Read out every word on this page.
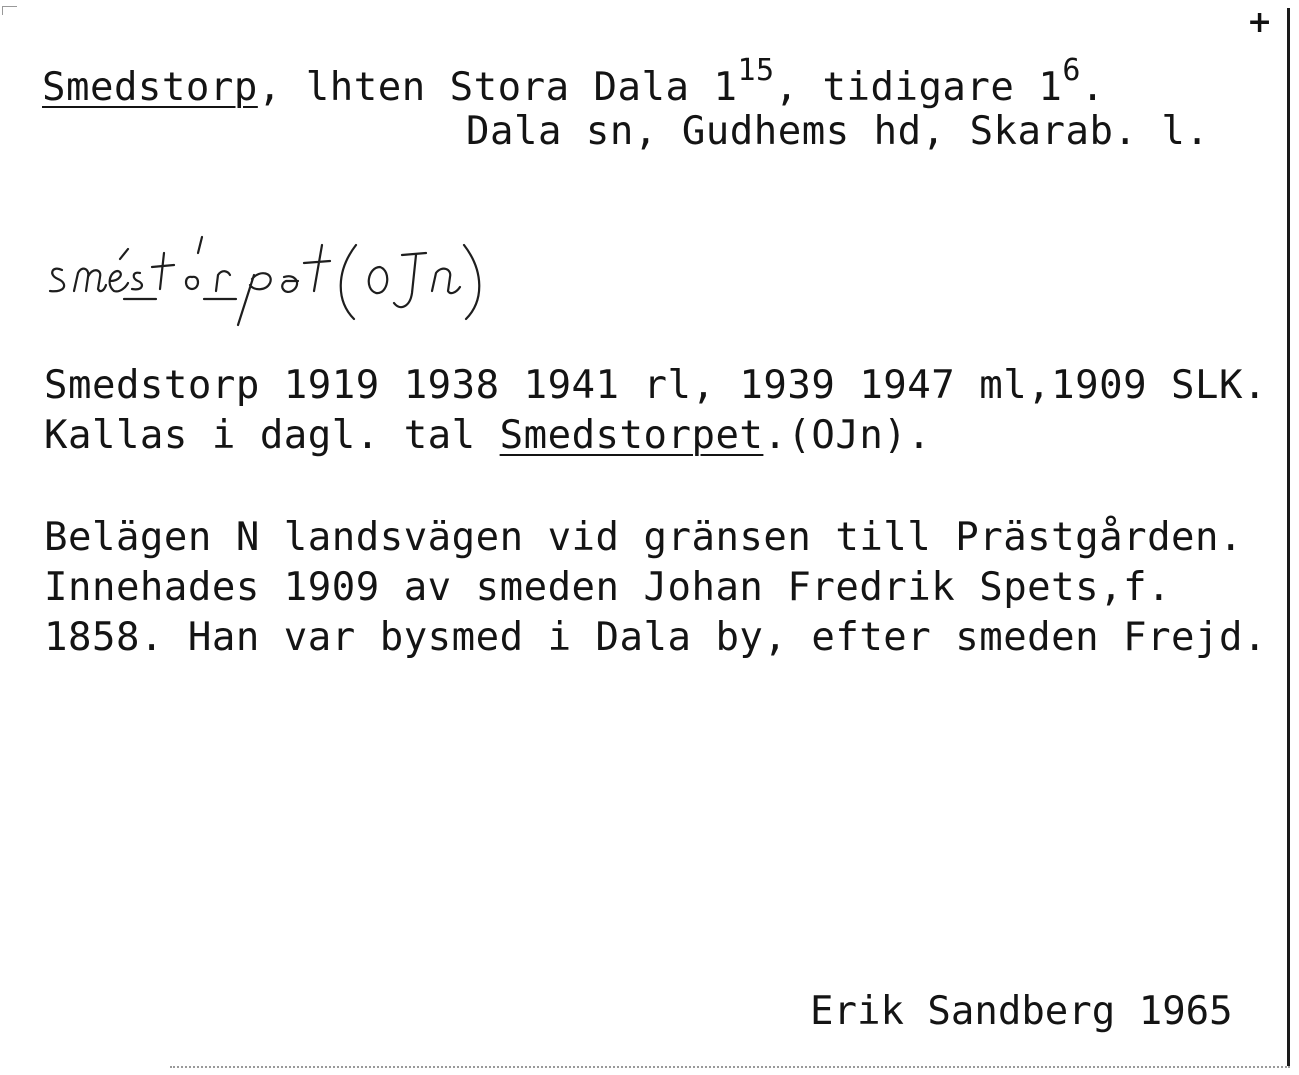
+
Smedstorp, lhten Stora Dala $1^{15}$, tidigare $1^6$.
Dala sn, Gudhems hd, Skarab. l.
Smedstorp 1919 1938 1941 rl, 1939 1947 ml,1909 SLK.
Kallas i dagl. tal Smedstorpet.(OJn).
Belägen N landsvägen vid gränsen till Prästgården.
Innehades 1909 av smeden Johan Fredrik Spets,f.
1858. Han var bysmed i Dala by, efter smeden Frejd.
Erik Sandberg 1965
